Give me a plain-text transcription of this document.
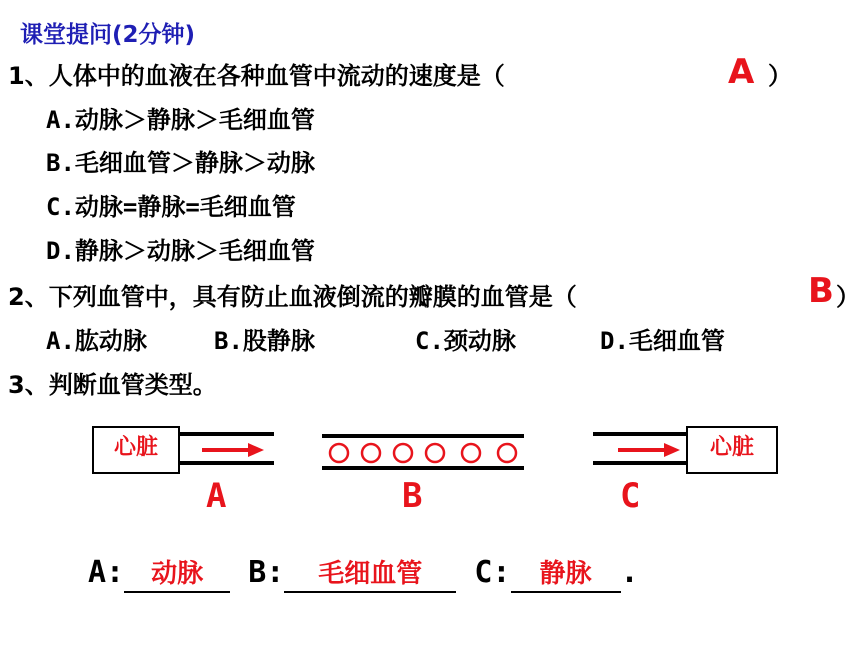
课堂提问(2分钟)
1、人体中的血液在各种血管中流动的速度是（	A ）
A.动脉＞静脉＞毛细血管
B.毛细血管＞静脉＞动脉
C.动脉=静脉=毛细血管
D.静脉＞动脉＞毛细血管
2、下列血管中，具有防止血液倒流的瓣膜的血管是（	B ）
A.肱动脉	B.股静脉	C.颈动脉	D.毛细血管
3、判断血管类型。
心脏
A	B
心脏
C
A: 动脉 B: 毛细血管 C: 静脉 .
